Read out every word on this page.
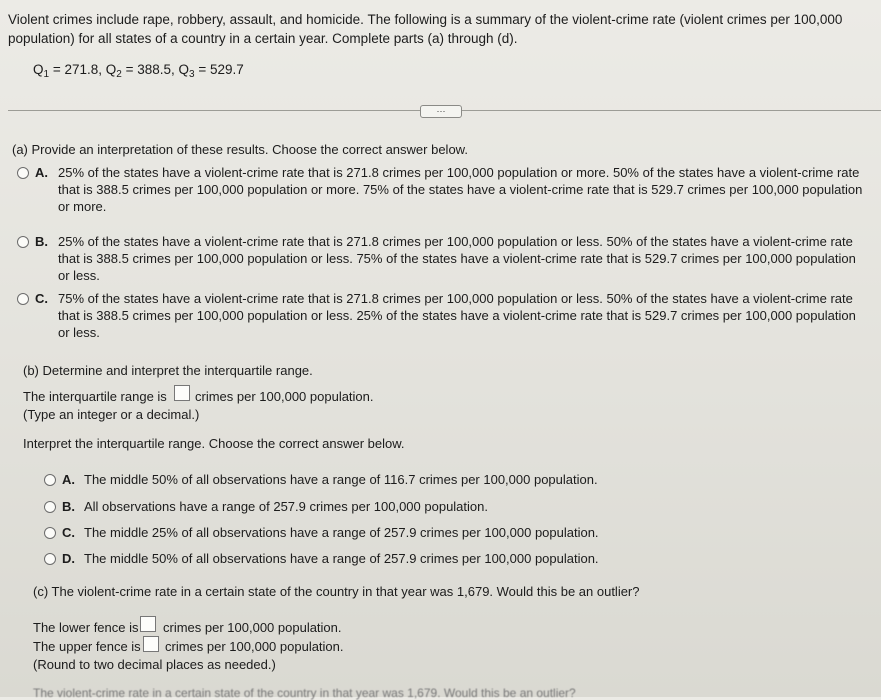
Violent crimes include rape, robbery, assault, and homicide. The following is a summary of the violent-crime rate (violent crimes per 100,000
population) for all states of a country in a certain year. Complete parts (a) through (d).
$Q_1 = 271.8$, $Q_2 = 388.5$, $Q_3 = 529.7$
⋯
(a) Provide an interpretation of these results. Choose the correct answer below.
A. 25% of the states have a violent-crime rate that is 271.8 crimes per 100,000 population or more. 50% of the states have a violent-crime rate
that is 388.5 crimes per 100,000 population or more. 75% of the states have a violent-crime rate that is 529.7 crimes per 100,000 population
or more.
B. 25% of the states have a violent-crime rate that is 271.8 crimes per 100,000 population or less. 50% of the states have a violent-crime rate
that is 388.5 crimes per 100,000 population or less. 75% of the states have a violent-crime rate that is 529.7 crimes per 100,000 population
or less.
C. 75% of the states have a violent-crime rate that is 271.8 crimes per 100,000 population or less. 50% of the states have a violent-crime rate
that is 388.5 crimes per 100,000 population or less. 25% of the states have a violent-crime rate that is 529.7 crimes per 100,000 population
or less.
(b) Determine and interpret the interquartile range.
The interquartile range is crimes per 100,000 population.
(Type an integer or a decimal.)
Interpret the interquartile range. Choose the correct answer below.
A. The middle 50% of all observations have a range of 116.7 crimes per 100,000 population.
B. All observations have a range of 257.9 crimes per 100,000 population.
C. The middle 25% of all observations have a range of 257.9 crimes per 100,000 population.
D. The middle 50% of all observations have a range of 257.9 crimes per 100,000 population.
(c) The violent-crime rate in a certain state of the country in that year was 1,679. Would this be an outlier?
The lower fence is crimes per 100,000 population.
The upper fence is crimes per 100,000 population.
(Round to two decimal places as needed.)
The violent-crime rate in a certain state of the country in that year was 1,679. Would this be an outlier?
